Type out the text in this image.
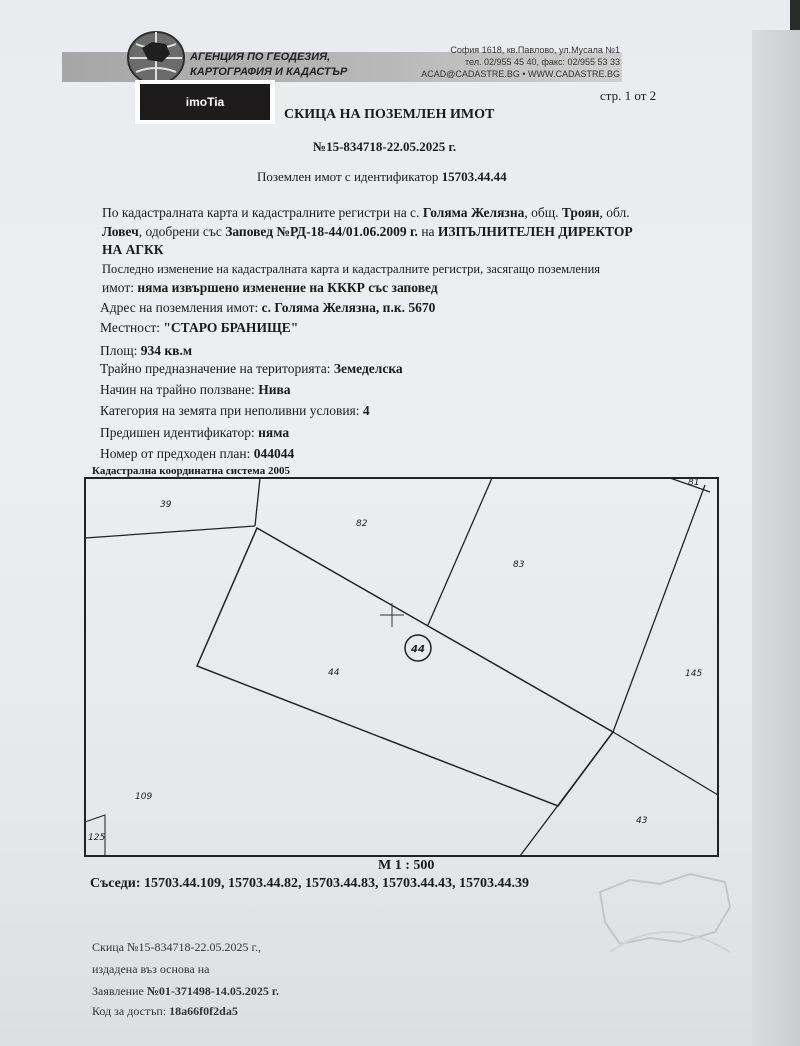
АГЕНЦИЯ ПО ГЕОДЕЗИЯ,
КАРТОГРАФИЯ И КАДАСТЪР
София 1618, кв.Павлово, ул.Мусала №1
тел. 02/955 45 40, факс: 02/955 53 33
ACAD@CADASTRE.BG • WWW.CADASTRE.BG
imoTia	стр. 1 от 2
СКИЦА НА ПОЗЕМЛЕН ИМОТ
№15-834718-22.05.2025 г.
Поземлен имот с идентификатор 15703.44.44
По кадастралната карта и кадастралните регистри на с. Голяма Желязна, общ. Троян, обл.
Ловеч, одобрени със Заповед №РД-18-44/01.06.2009 г. на ИЗПЪЛНИТЕЛЕН ДИРЕКТОР
НА АГКК
Последно изменение на кадастралната карта и кадастралните регистри, засягащо поземления
имот: няма извършено изменение на КККР със заповед
Адрес на поземления имот: с. Голяма Желязна, п.к. 5670
Местност: "СТАРО БРАНИЩЕ"
Площ: 934 кв.м
Трайно предназначение на територията: Земеделска
Начин на трайно ползване: Нива
Категория на земята при неполивни условия: 4
Предишен идентификатор: няма
Номер от предходен план: 044044
Кадастрална координатна система 2005
39
82
81
83
44	145
109
43
125
44
М 1 : 500
Съседи: 15703.44.109, 15703.44.82, 15703.44.83, 15703.44.43, 15703.44.39
Скица №15-834718-22.05.2025 г.,
издадена въз основа на
Заявление №01-371498-14.05.2025 г.
Код за достъп: 18a66f0f2da5
